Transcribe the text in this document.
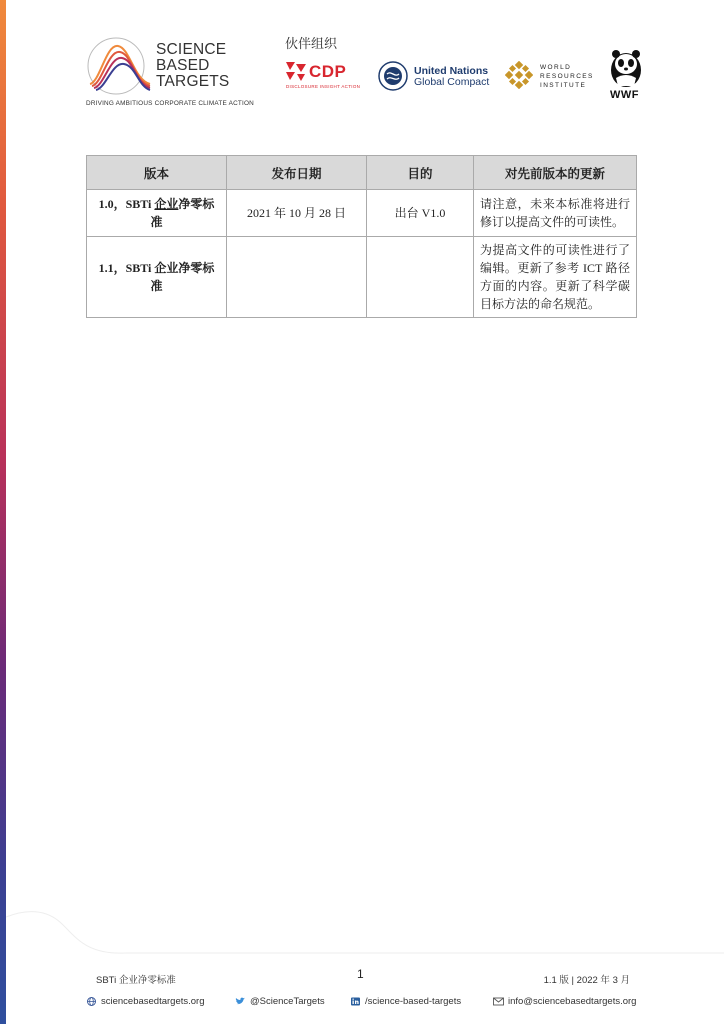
SCIENCE
BASED
TARGETS
DRIVING AMBITIOUS CORPORATE CLIMATE ACTION
伙伴组织
CDP
DISCLOSURE INSIGHT ACTION
United Nations
Global Compact
WORLD
RESOURCES
INSTITUTE
WWF
版本	发布日期	目的	对先前版本的更新
1.0，SBTi 企业净零标准	2021 年 10 月 28 日	出台 V1.0	请注意，未来本标准将进行修订以提高文件的可读性。
1.1，SBTi 企业净零标准			为提高文件的可读性进行了编辑。更新了参考 ICT 路径方面的内容。更新了科学碳目标方法的命名规范。
SBTi 企业净零标准	1	1.1 版 | 2022 年 3 月
sciencebasedtargets.org	@ScienceTargets	/science-based-targets	info@sciencebasedtargets.org
